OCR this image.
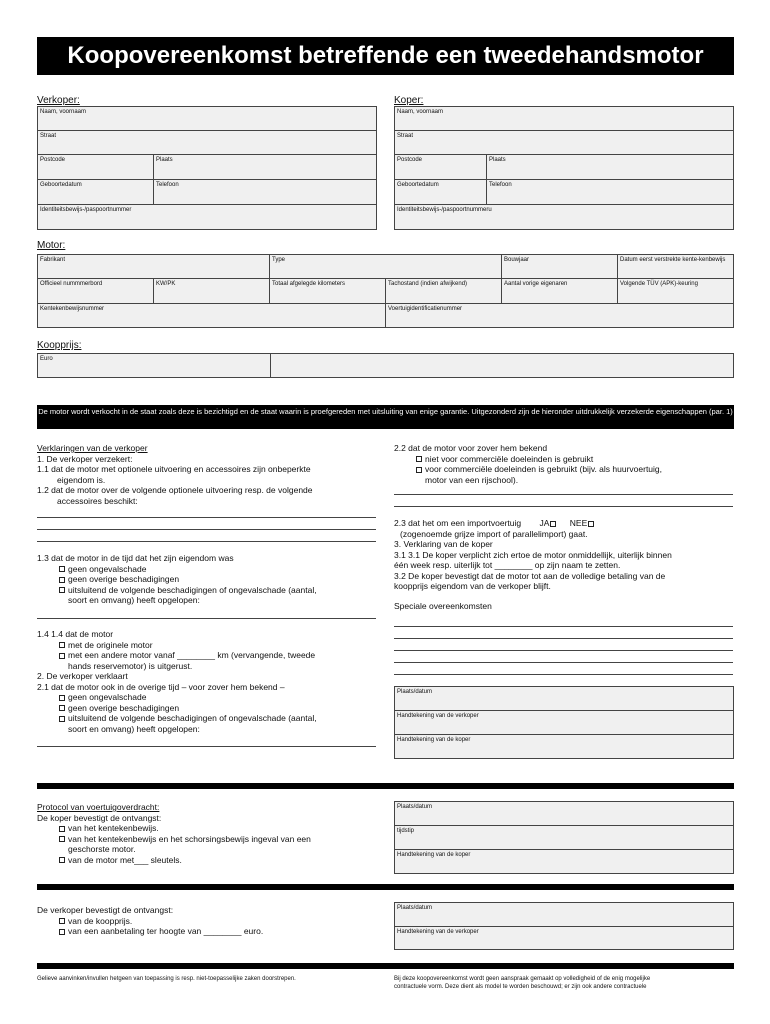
Koopovereenkomst betreffende een tweedehandsmotor
Verkoper:
Naam, voornaam
Straat
Postcode	Plaats
Geboortedatum	Telefoon
Identiteitsbewijs-/paspoortnummer
Koper:
Naam, voornaam
Straat
Postcode	Plaats
Geboortedatum	Telefoon
Identiteitsbewijs-/paspoortnummeru
Motor:
Fabrikant	Type	Bouwjaar	Datum eerst verstrekte kente-kenbewijs
Officieel nummmerbord	KW/PK	Totaal afgelegde kilometers	Tachostand (indien afwijkend)	Aantal vorige eigenaren	Volgende TÜV (APK)-keuring
Kentekenbewijsnummer	Voertuigidentificatienummer
Koopprijs:
Euro
De motor wordt verkocht in de staat zoals deze is bezichtigd en de staat waarin is proefgereden met uitsluiting van enige garantie. Uitgezonderd zijn de hieronder uitdrukkelijk verzekerde eigenschappen (par. 1)
Verklaringen van de verkoper
1. De verkoper verzekert:
1.1 dat de motor met optionele uitvoering en accessoires zijn onbeperkte
eigendom is.
1.2 dat de motor over de volgende optionele uitvoering resp. de volgende
accessoires beschikt:
1.3 dat de motor in de tijd dat het zijn eigendom was
geen ongevalschade
geen overige beschadigingen
uitsluitend de volgende beschadigingen of ongevalschade (aantal,
soort en omvang) heeft opgelopen:
1.4 1.4 dat de motor
met de originele motor
met een andere motor vanaf ________ km (vervangende, tweede
hands reservemotor) is uitgerust.
2. De verkoper verklaart
2.1 dat de motor ook in de overige tijd – voor zover hem bekend –
geen ongevalschade
geen overige beschadigingen
uitsluitend de volgende beschadigingen of ongevalschade (aantal,
soort en omvang) heeft opgelopen:
2.2 dat de motor voor zover hem bekend
niet voor commerciële doeleinden is gebruikt
voor commerciële doeleinden is gebruikt (bijv. als huurvoertuig,
motor van een rijschool).
2.3 dat het om een importvoertuig JA NEE
(zogenoemde grijze import of parallelimport) gaat.
3. Verklaring van de koper
3.1 3.1 De koper verplicht zich ertoe de motor onmiddellijk, uiterlijk binnen
één week resp. uiterlijk tot ________ op zijn naam te zetten.
3.2 De koper bevestigt dat de motor tot aan de volledige betaling van de
koopprijs eigendom van de verkoper blijft.
Speciale overeenkomsten
Plaats/datum
Handtekening van de verkoper
Handtekening van de koper
Protocol van voertuigoverdracht:
De koper bevestigt de ontvangst:
van het kentekenbewijs.
van het kentekenbewijs en het schorsingsbewijs ingeval van een
geschorste motor.
van de motor met___ sleutels.
Plaats/datum
tijdstip
Handtekening van de koper
De verkoper bevestigt de ontvangst:
van de koopprijs.
van een aanbetaling ter hoogte van ________ euro.
Plaats/datum
Handtekening van de verkoper
Gelieve aanvinken/invullen hetgeen van toepassing is resp. niet-toepasselijke zaken doorstrepen.	Bij deze koopovereenkomst wordt geen aanspraak gemaakt op volledigheid of de enig mogelijke
contractuele vorm. Deze dient als model te worden beschouwd; er zijn ook andere contractuele
